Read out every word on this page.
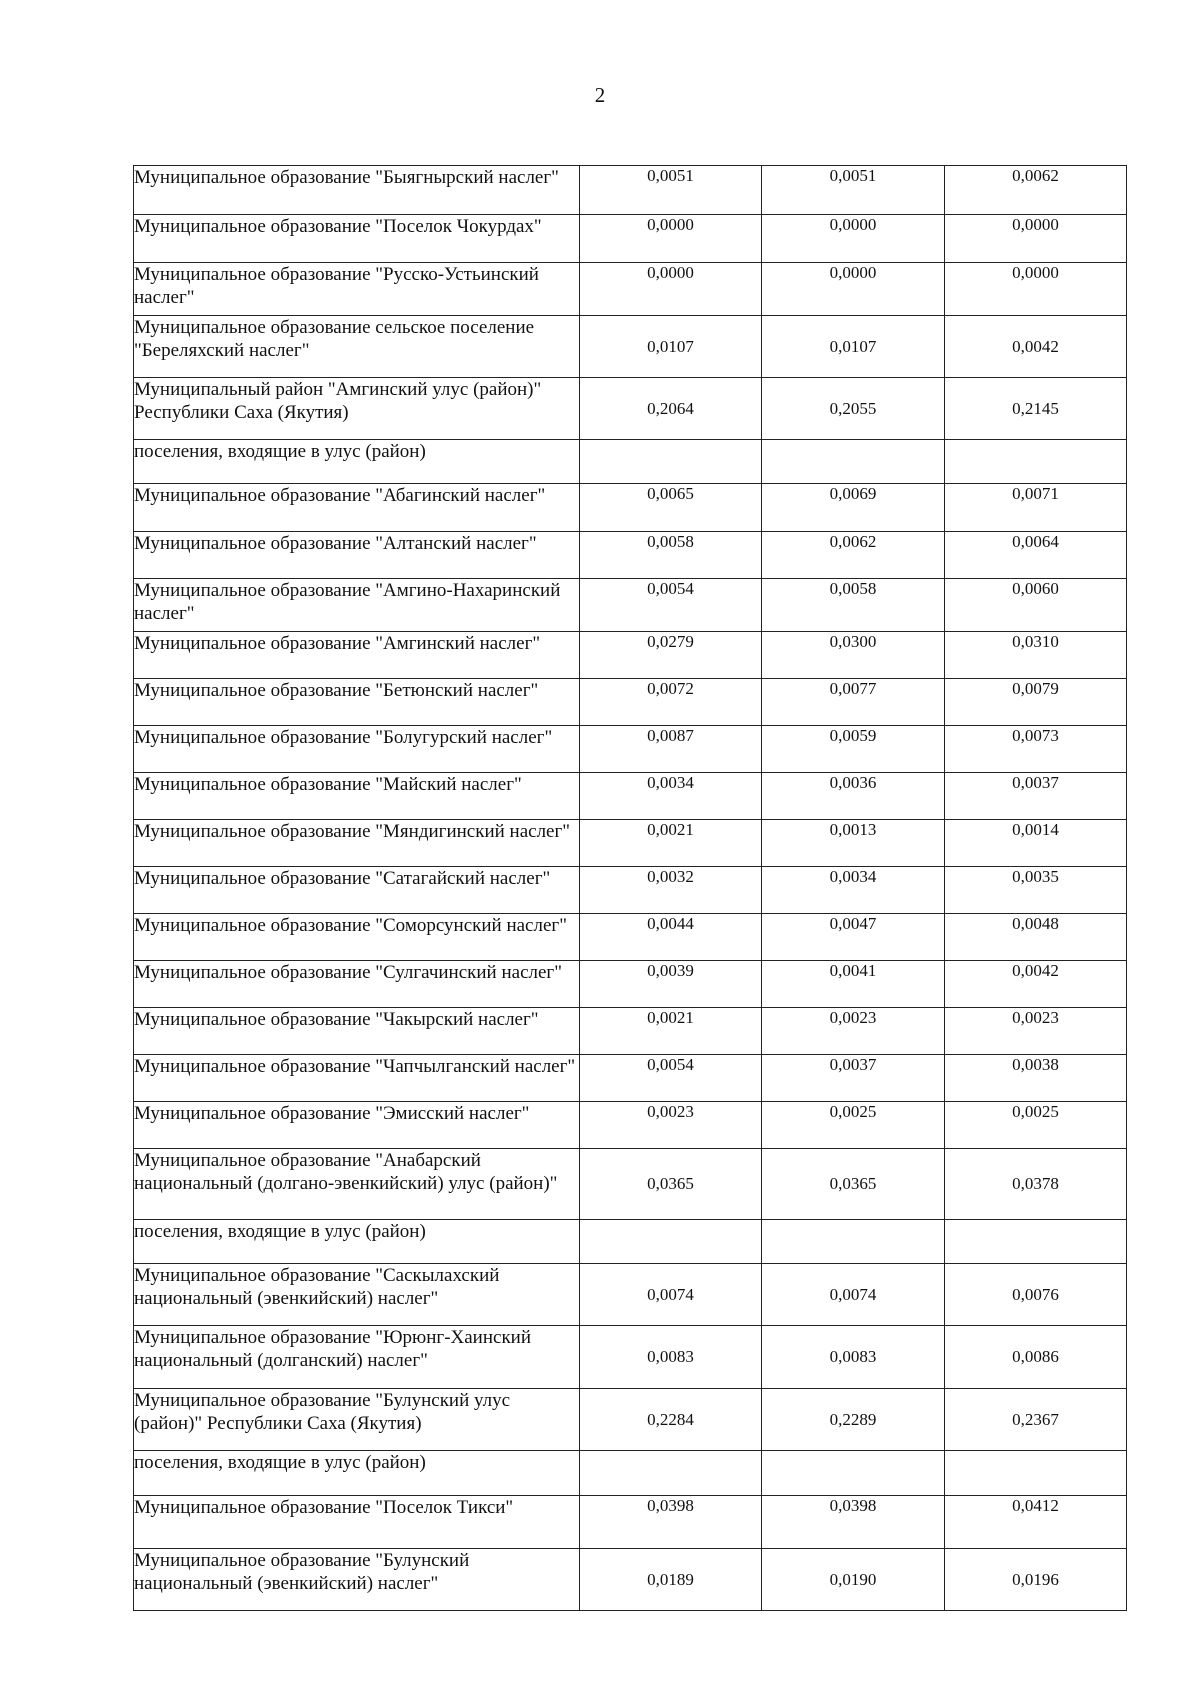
2
Муниципальное образование "Быягнырский наслег"	0,0051	0,0051	0,0062
Муниципальное образование "Поселок Чокурдах"	0,0000	0,0000	0,0000
Муниципальное образование "Русско-Устьинский наслег"	0,0000	0,0000	0,0000
Муниципальное образование сельское поселение "Береляхский наслег"	0,0107	0,0107	0,0042
Муниципальный район "Амгинский улус (район)" Республики Саха (Якутия)	0,2064	0,2055	0,2145
поселения, входящие в улус (район)			
Муниципальное образование "Абагинский наслег"	0,0065	0,0069	0,0071
Муниципальное образование "Алтанский наслег"	0,0058	0,0062	0,0064
Муниципальное образование "Амгино-Нахаринский наслег"	0,0054	0,0058	0,0060
Муниципальное образование "Амгинский наслег"	0,0279	0,0300	0,0310
Муниципальное образование "Бетюнский наслег"	0,0072	0,0077	0,0079
Муниципальное образование "Болугурский наслег"	0,0087	0,0059	0,0073
Муниципальное образование "Майский наслег"	0,0034	0,0036	0,0037
Муниципальное образование "Мяндигинский наслег"	0,0021	0,0013	0,0014
Муниципальное образование "Сатагайский наслег"	0,0032	0,0034	0,0035
Муниципальное образование "Соморсунский наслег"	0,0044	0,0047	0,0048
Муниципальное образование "Сулгачинский наслег"	0,0039	0,0041	0,0042
Муниципальное образование "Чакырский наслег"	0,0021	0,0023	0,0023
Муниципальное образование "Чапчылганский наслег"	0,0054	0,0037	0,0038
Муниципальное образование "Эмисский наслег"	0,0023	0,0025	0,0025
Муниципальное образование "Анабарский национальный (долгано-эвенкийский) улус (район)"	0,0365	0,0365	0,0378
поселения, входящие в улус (район)			
Муниципальное образование "Саскылахский национальный (эвенкийский) наслег"	0,0074	0,0074	0,0076
Муниципальное образование "Юрюнг-Хаинский национальный (долганский) наслег"	0,0083	0,0083	0,0086
Муниципальное образование "Булунский улус (район)" Республики Саха (Якутия)	0,2284	0,2289	0,2367
поселения, входящие в улус (район)			
Муниципальное образование "Поселок Тикси"	0,0398	0,0398	0,0412
Муниципальное образование "Булунский национальный (эвенкийский) наслег"	0,0189	0,0190	0,0196
